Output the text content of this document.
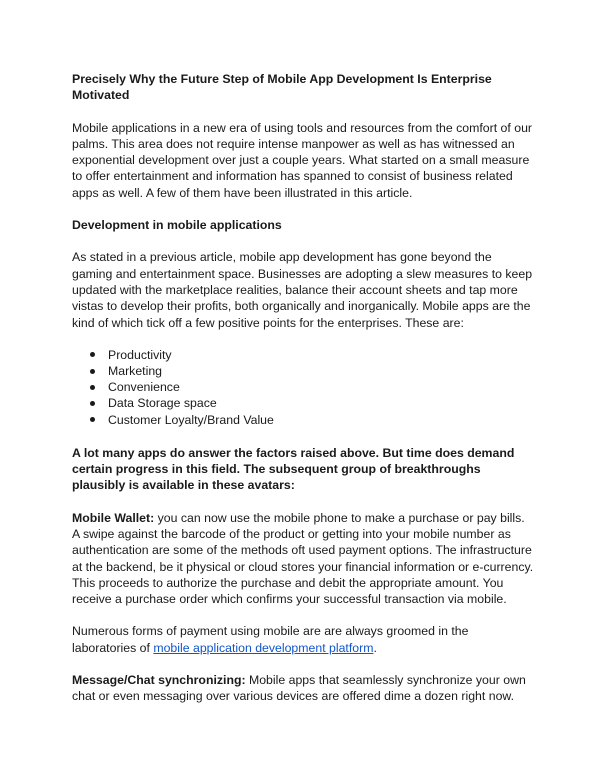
Precisely Why the Future Step of Mobile App Development Is Enterprise Motivated

Mobile applications in a new era of using tools and resources from the comfort of our palms. This area does not require intense manpower as well as has witnessed an exponential development over just a couple years. What started on a small measure to offer entertainment and information has spanned to consist of business related apps as well. A few of them have been illustrated in this article.

Development in mobile applications

As stated in a previous article, mobile app development has gone beyond the gaming and entertainment space. Businesses are adopting a slew measures to keep updated with the marketplace realities, balance their account sheets and tap more vistas to develop their profits, both organically and inorganically. Mobile apps are the kind of which tick off a few positive points for the enterprises. These are:

Productivity
Marketing
Convenience
Data Storage space
Customer Loyalty/Brand Value

A lot many apps do answer the factors raised above. But time does demand certain progress in this field. The subsequent group of breakthroughs plausibly is available in these avatars:

Mobile Wallet: you can now use the mobile phone to make a purchase or pay bills. A swipe against the barcode of the product or getting into your mobile number as authentication are some of the methods oft used payment options. The infrastructure at the backend, be it physical or cloud stores your financial information or e-currency. This proceeds to authorize the purchase and debit the appropriate amount. You receive a purchase order which confirms your successful transaction via mobile.

Numerous forms of payment using mobile are are always groomed in the laboratories of mobile application development platform.

Message/Chat synchronizing: Mobile apps that seamlessly synchronize your own chat or even messaging over various devices are offered dime a dozen right now.
